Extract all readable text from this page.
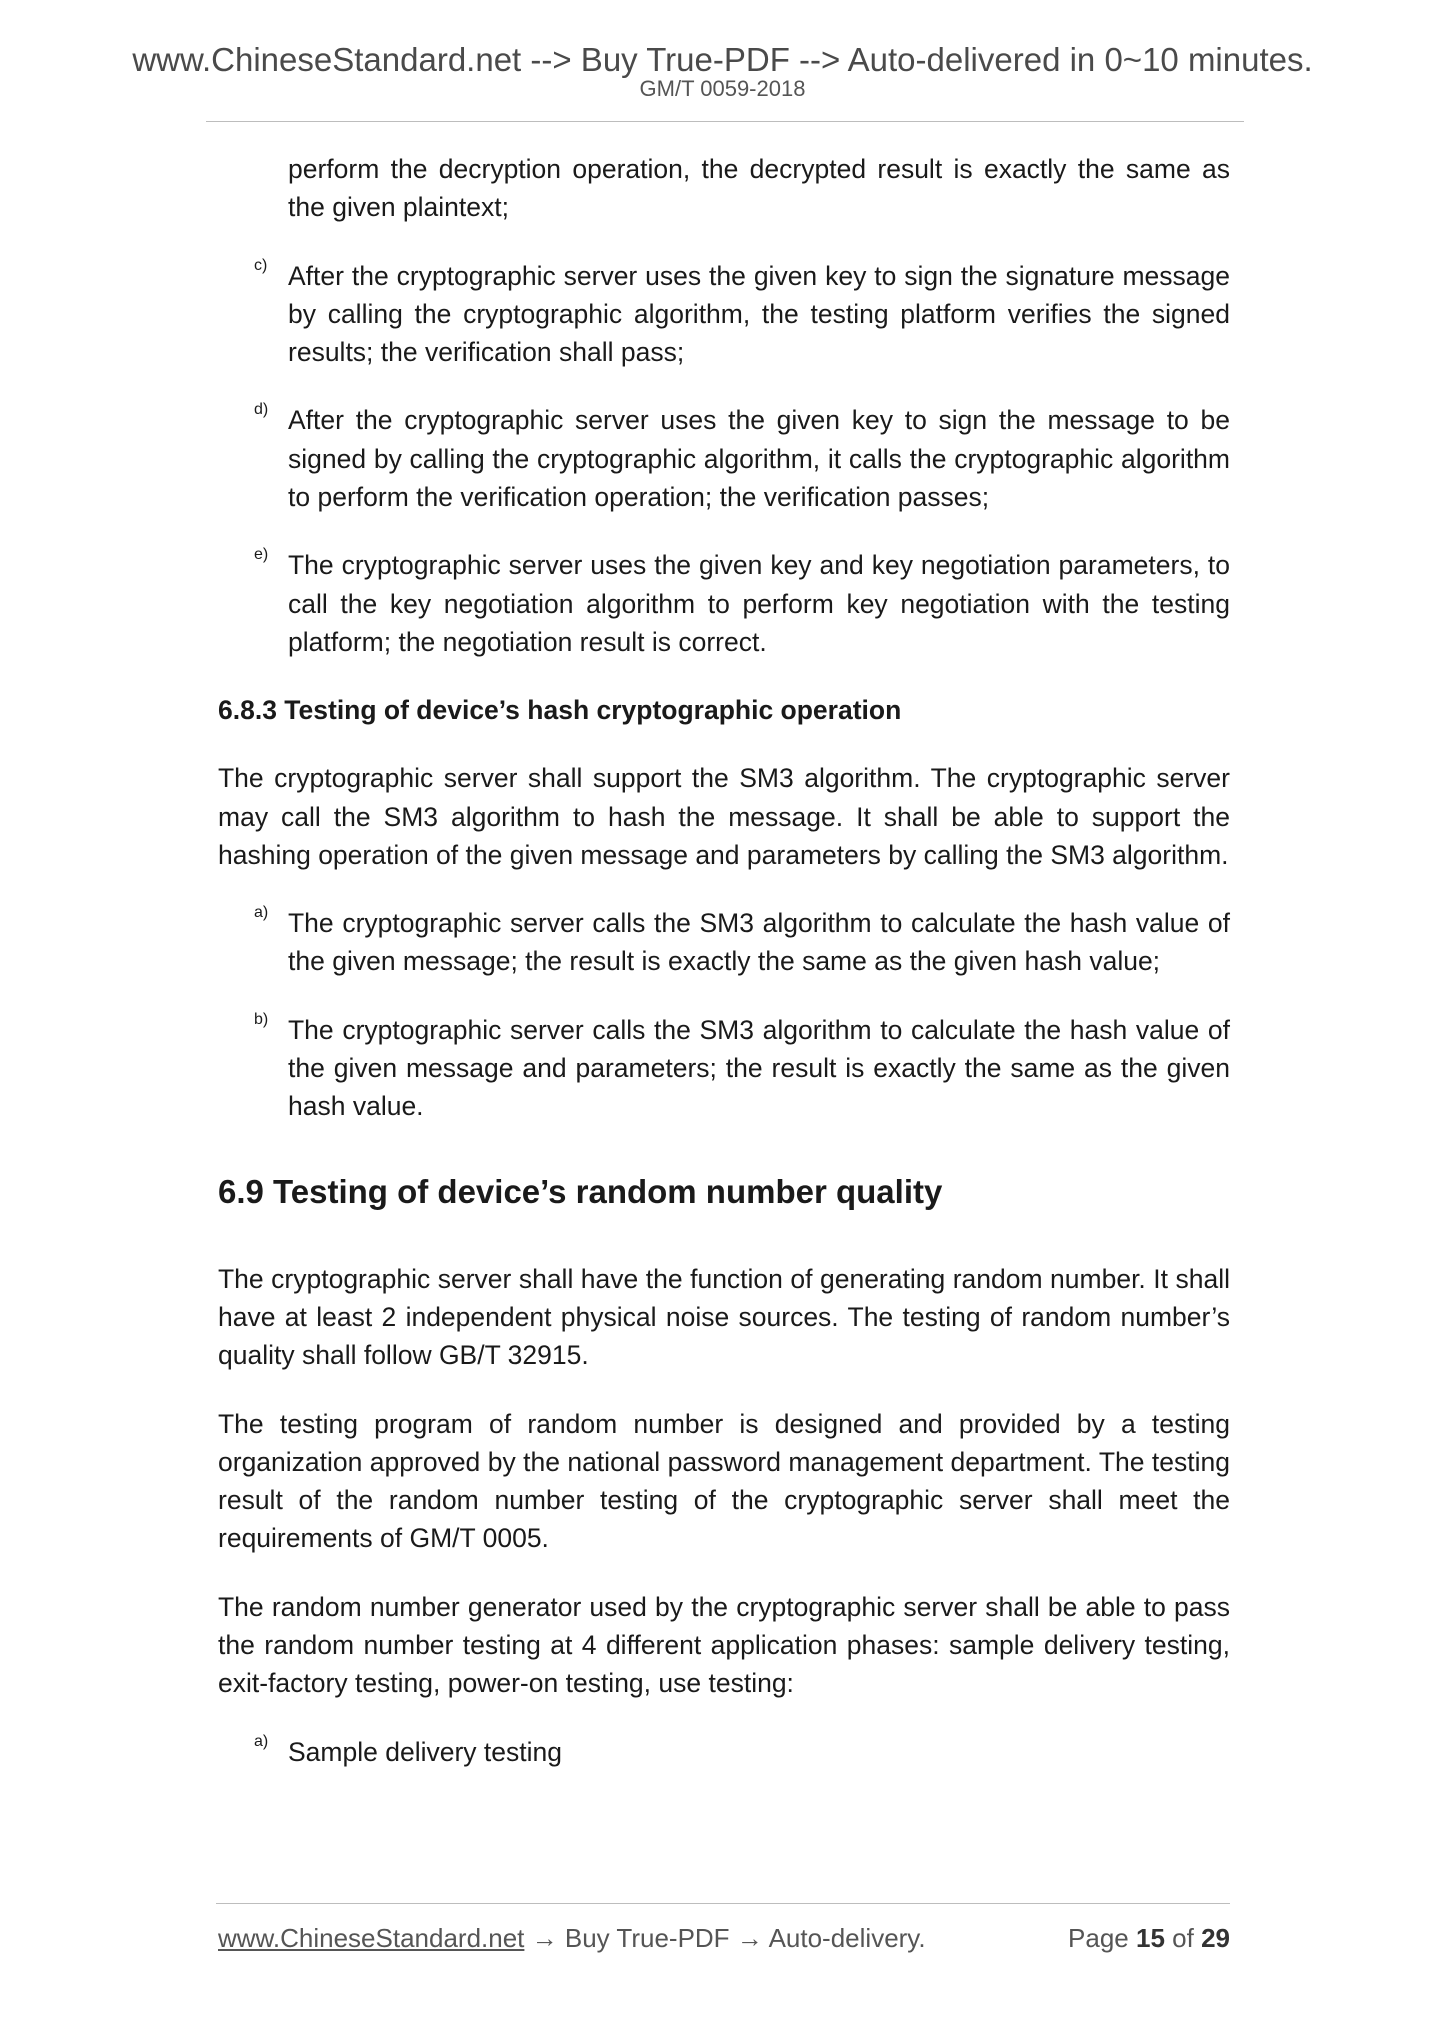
www.ChineseStandard.net --> Buy True-PDF --> Auto-delivered in 0~10 minutes.
GM/T 0059-2018

perform the decryption operation, the decrypted result is exactly the same as the given plaintext;

c) After the cryptographic server uses the given key to sign the signature message by calling the cryptographic algorithm, the testing platform verifies the signed results; the verification shall pass;

d) After the cryptographic server uses the given key to sign the message to be signed by calling the cryptographic algorithm, it calls the cryptographic algorithm to perform the verification operation; the verification passes;

e) The cryptographic server uses the given key and key negotiation parameters, to call the key negotiation algorithm to perform key negotiation with the testing platform; the negotiation result is correct.

6.8.3 Testing of device’s hash cryptographic operation

The cryptographic server shall support the SM3 algorithm. The cryptographic server may call the SM3 algorithm to hash the message. It shall be able to support the hashing operation of the given message and parameters by calling the SM3 algorithm.

a) The cryptographic server calls the SM3 algorithm to calculate the hash value of the given message; the result is exactly the same as the given hash value;

b) The cryptographic server calls the SM3 algorithm to calculate the hash value of the given message and parameters; the result is exactly the same as the given hash value.

6.9 Testing of device’s random number quality

The cryptographic server shall have the function of generating random number. It shall have at least 2 independent physical noise sources. The testing of random number’s quality shall follow GB/T 32915.

The testing program of random number is designed and provided by a testing organization approved by the national password management department. The testing result of the random number testing of the cryptographic server shall meet the requirements of GM/T 0005.

The random number generator used by the cryptographic server shall be able to pass the random number testing at 4 different application phases: sample delivery testing, exit-factory testing, power-on testing, use testing:

a) Sample delivery testing

www.ChineseStandard.net → Buy True-PDF → Auto-delivery.	Page 15 of 29
